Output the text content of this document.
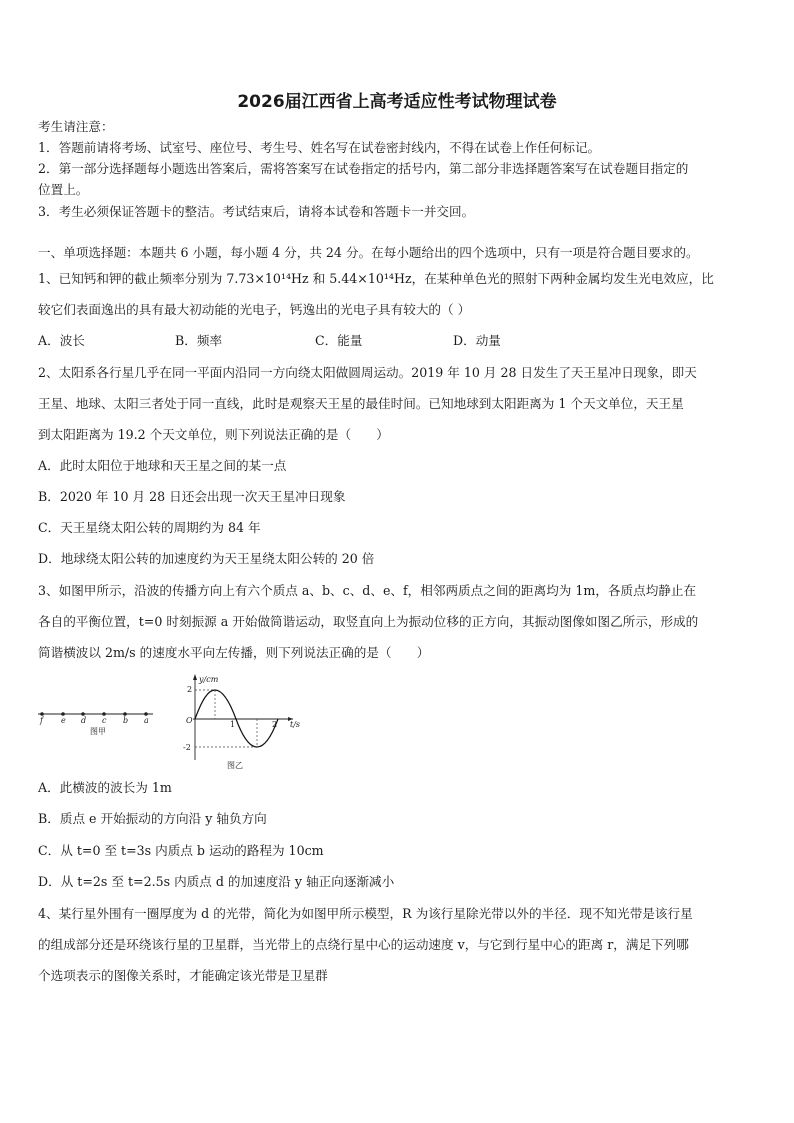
2026届江西省上高考适应性考试物理试卷
考生请注意：
1．答题前请将考场、试室号、座位号、考生号、姓名写在试卷密封线内，不得在试卷上作任何标记。
2．第一部分选择题每小题选出答案后，需将答案写在试卷指定的括号内，第二部分非选择题答案写在试卷题目指定的
位置上。
3．考生必须保证答题卡的整洁。考试结束后，请将本试卷和答题卡一并交回。
一、单项选择题：本题共 6 小题，每小题 4 分，共 24 分。在每小题给出的四个选项中，只有一项是符合题目要求的。
1、已知钙和钾的截止频率分别为 7.73×10¹⁴Hz 和 5.44×10¹⁴Hz，在某种单色光的照射下两种金属均发生光电效应，比
较它们表面逸出的具有最大初动能的光电子，钙逸出的光电子具有较大的（ ）
A．波长	B．频率	C．能量	D．动量
2、太阳系各行星几乎在同一平面内沿同一方向绕太阳做圆周运动。2019 年 10 月 28 日发生了天王星冲日现象，即天
王星、地球、太阳三者处于同一直线，此时是观察天王星的最佳时间。已知地球到太阳距离为 1 个天文单位，天王星
到太阳距离为 19.2 个天文单位，则下列说法正确的是（　　）
A．此时太阳位于地球和天王星之间的某一点
B．2020 年 10 月 28 日还会出现一次天王星冲日现象
C．天王星绕太阳公转的周期约为 84 年
D．地球绕太阳公转的加速度约为天王星绕太阳公转的 20 倍
3、如图甲所示，沿波的传播方向上有六个质点 a、b、c、d、e、f，相邻两质点之间的距离均为 1m，各质点均静止在
各自的平衡位置，t=0 时刻振源 a 开始做简谐运动，取竖直向上为振动位移的正方向，其振动图像如图乙所示，形成的
简谐横波以 2m/s 的速度水平向左传播，则下列说法正确的是（　　）
f e d c b a
图甲
y/cm
t/s
O
2
-2
1	2
图乙
A．此横波的波长为 1m
B．质点 e 开始振动的方向沿 y 轴负方向
C．从 t=0 至 t=3s 内质点 b 运动的路程为 10cm
D．从 t=2s 至 t=2.5s 内质点 d 的加速度沿 y 轴正向逐渐减小
4、某行星外围有一圈厚度为 d 的光带，简化为如图甲所示模型，R 为该行星除光带以外的半径．现不知光带是该行星
的组成部分还是环绕该行星的卫星群，当光带上的点绕行星中心的运动速度 v，与它到行星中心的距离 r，满足下列哪
个选项表示的图像关系时，才能确定该光带是卫星群
